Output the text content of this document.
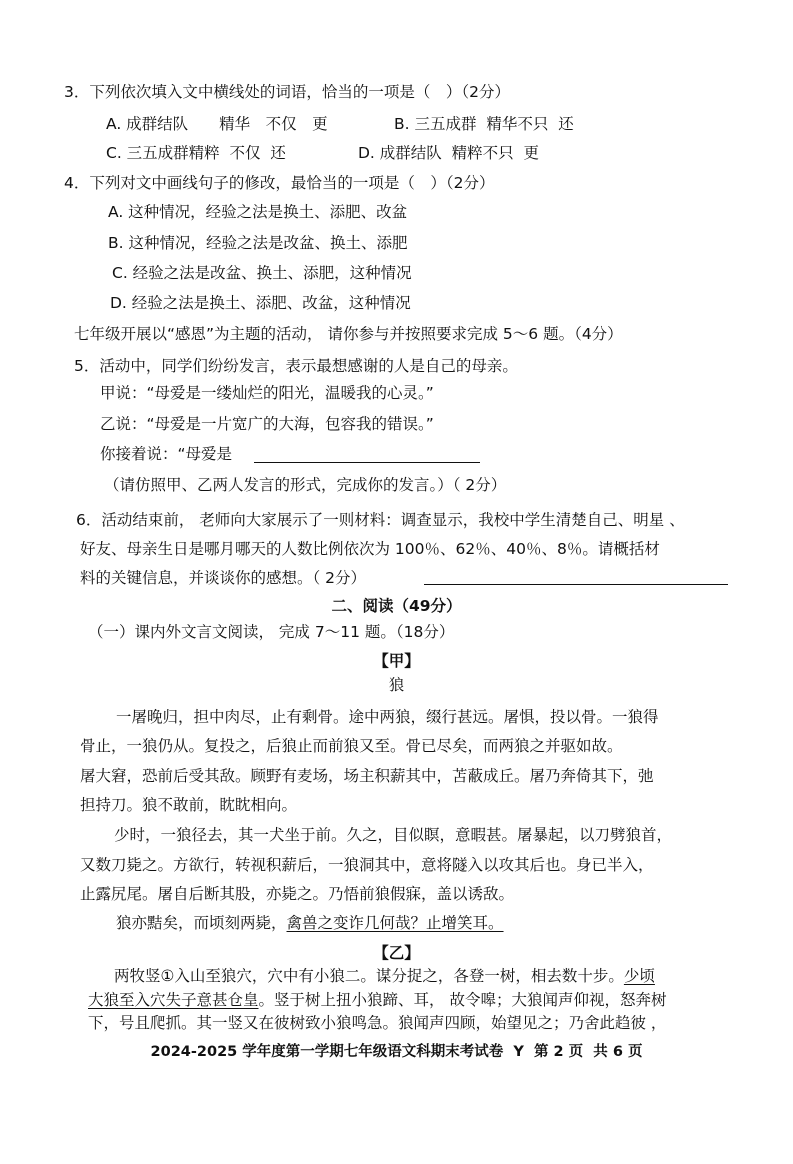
3．下列依次填入文中横线处的词语，恰当的一项是（　）（2分）
A. 成群结队　　精华　不仅　更	B. 三五成群  精华不只  还
C. 三五成群精粹  不仅  还	D. 成群结队  精粹不只  更
4．下列对文中画线句子的修改，最恰当的一项是（　）（2分）
A. 这种情况，经验之法是换土、添肥、改盆
B. 这种情况，经验之法是改盆、换土、添肥
C. 经验之法是改盆、换土、添肥，这种情况
D. 经验之法是换土、添肥、改盆，这种情况
七年级开展以“感恩”为主题的活动， 请你参与并按照要求完成 5～6 题。（4分）
5．活动中，同学们纷纷发言，表示最想感谢的人是自己的母亲。
甲说：“母爱是一缕灿烂的阳光，温暖我的心灵。”
乙说：“母爱是一片宽广的大海，包容我的错误。”
你接着说：“母爱是
（请仿照甲、乙两人发言的形式，完成你的发言。）（ 2分）
6．活动结束前， 老师向大家展示了一则材料：调查显示，我校中学生清楚自己、明星 、
好友、母亲生日是哪月哪天的人数比例依次为 100％、62％、40％、8％。请概括材
料的关键信息，并谈谈你的感想。（ 2分）
二、阅读（49分）
（一）课内外文言文阅读， 完成 7～11 题。（18分）
【甲】
狼
一屠晚归，担中肉尽，止有剩骨。途中两狼，缀行甚远。屠惧，投以骨。一狼得
骨止，一狼仍从。复投之，后狼止而前狼又至。骨已尽矣，而两狼之并驱如故。
屠大窘，恐前后受其敌。顾野有麦场，场主积薪其中，苫蔽成丘。屠乃奔倚其下，弛
担持刀。狼不敢前，眈眈相向。
少时，一狼径去，其一犬坐于前。久之，目似瞑，意暇甚。屠暴起，以刀劈狼首，
又数刀毙之。方欲行，转视积薪后，一狼洞其中，意将隧入以攻其后也。身已半入，
止露尻尾。屠自后断其股，亦毙之。乃悟前狼假寐，盖以诱敌。
狼亦黠矣，而顷刻两毙，禽兽之变诈几何哉？止增笑耳。
【乙】
两牧竖①入山至狼穴，穴中有小狼二。谋分捉之，各登一树，相去数十步。少顷
大狼至入穴失子意甚仓皇。竖于树上扭小狼蹄、耳， 故令嗥；大狼闻声仰视，怒奔树
下，号且爬抓。其一竖又在彼树致小狼鸣急。狼闻声四顾，始望见之；乃舍此趋彼 ，
2024-2025 学年度第一学期七年级语文科期末考试卷  Y  第 2 页  共 6 页
